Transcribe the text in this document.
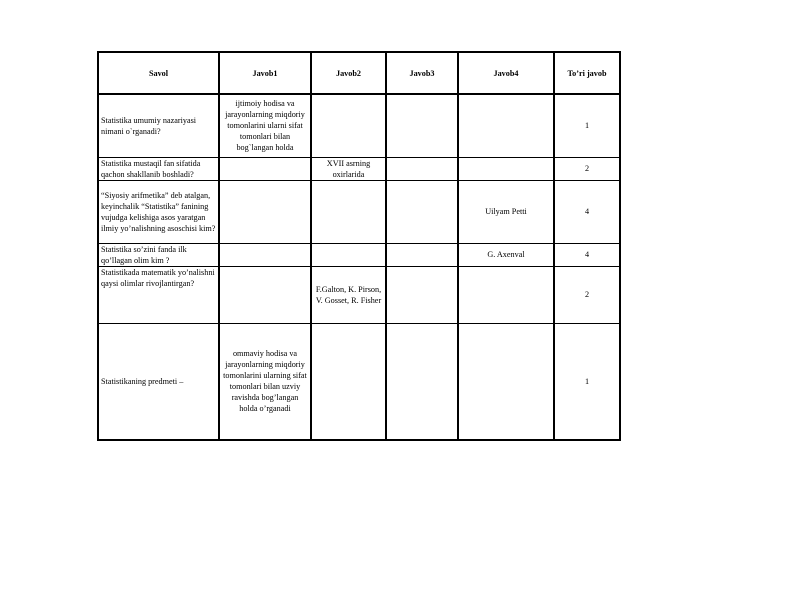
Savol	Javob1	Javob2	Javob3	Javob4	To’ri javob
Statistika umumiy nazariyasi nimani o`rganadi?	ijtimoiy hodisa va jarayonlarning miqdoriy tomonlarini ularni sifat tomonlari bilan bog`langan holda				1
Statistika mustaqil fan sifatida qachon shakllanib boshladi?		XVII asrning oxirlarida			2
“Siyosiy arifmetika” deb atalgan, keyinchalik “Statistika” fanining vujudga kelishiga asos yaratgan ilmiy yo’nalishning asoschisi kim?				Uilyam Petti	4
Statistika so’zini fanda ilk qo’llagan olim kim ?				G. Axenval	4
Statistikada matematik yo’nalishni qaysi olimlar rivojlantirgan?		F.Galton, K. Pirson, V. Gosset, R. Fisher			2
Statistikaning predmeti –	ommaviy hodisa va jarayonlarning miqdoriy tomonlarini ularning sifat tomonlari bilan uzviy ravishda bog’langan holda o’rganadi				1
